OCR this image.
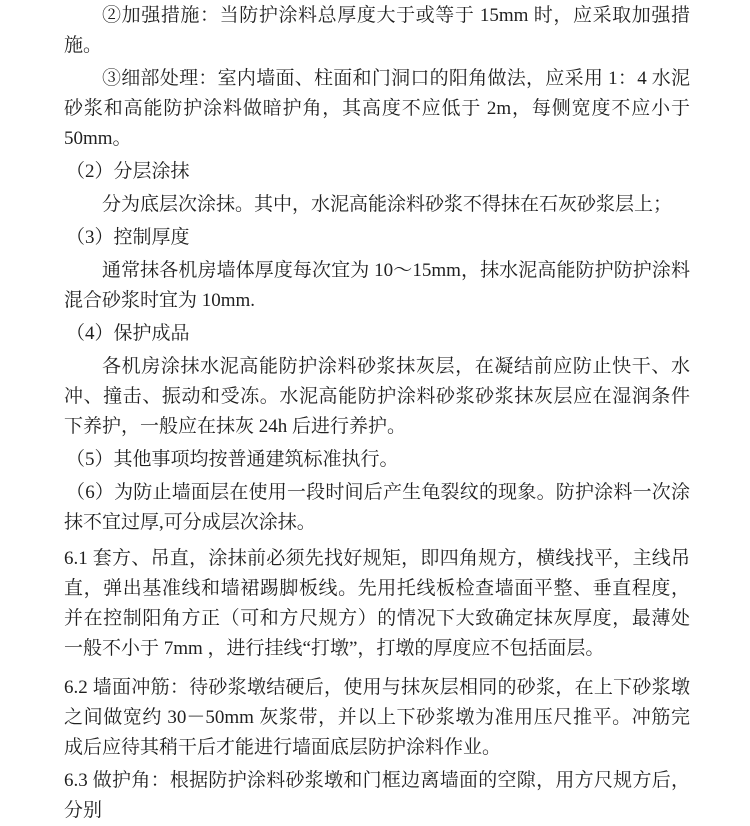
②加强措施：当防护涂料总厚度大于或等于 15mm 时，应采取加强措施。

③细部处理：室内墙面、柱面和门洞口的阳角做法，应采用 1：4 水泥砂浆和高能防护涂料做暗护角，其高度不应低于 2m，每侧宽度不应小于 50mm。

（2）分层涂抹

分为底层次涂抹。其中，水泥高能涂料砂浆不得抹在石灰砂浆层上；

（3）控制厚度

通常抹各机房墙体厚度每次宜为 10～15mm，抹水泥高能防护防护涂料混合砂浆时宜为 10mm.

（4）保护成品

各机房涂抹水泥高能防护涂料砂浆抹灰层，在凝结前应防止快干、水冲、撞击、振动和受冻。水泥高能防护涂料砂浆砂浆抹灰层应在湿润条件下养护，一般应在抹灰 24h 后进行养护。

（5）其他事项均按普通建筑标准执行。

（6）为防止墙面层在使用一段时间后产生龟裂纹的现象。防护涂料一次涂抹不宜过厚,可分成层次涂抹。

6.1 套方、吊直，涂抹前必须先找好规矩，即四角规方，横线找平，主线吊直，弹出基准线和墙裙踢脚板线。先用托线板检查墙面平整、垂直程度，并在控制阳角方正（可和方尺规方）的情况下大致确定抹灰厚度，最薄处一般不小于 7mm ，进行挂线“打墩”，打墩的厚度应不包括面层。

6.2 墙面冲筋：待砂浆墩结硬后，使用与抹灰层相同的砂浆，在上下砂浆墩之间做宽约 30－50mm 灰浆带，并以上下砂浆墩为准用压尺推平。冲筋完成后应待其稍干后才能进行墙面底层防护涂料作业。

6.3 做护角：根据防护涂料砂浆墩和门框边离墙面的空隙，用方尺规方后，分别
